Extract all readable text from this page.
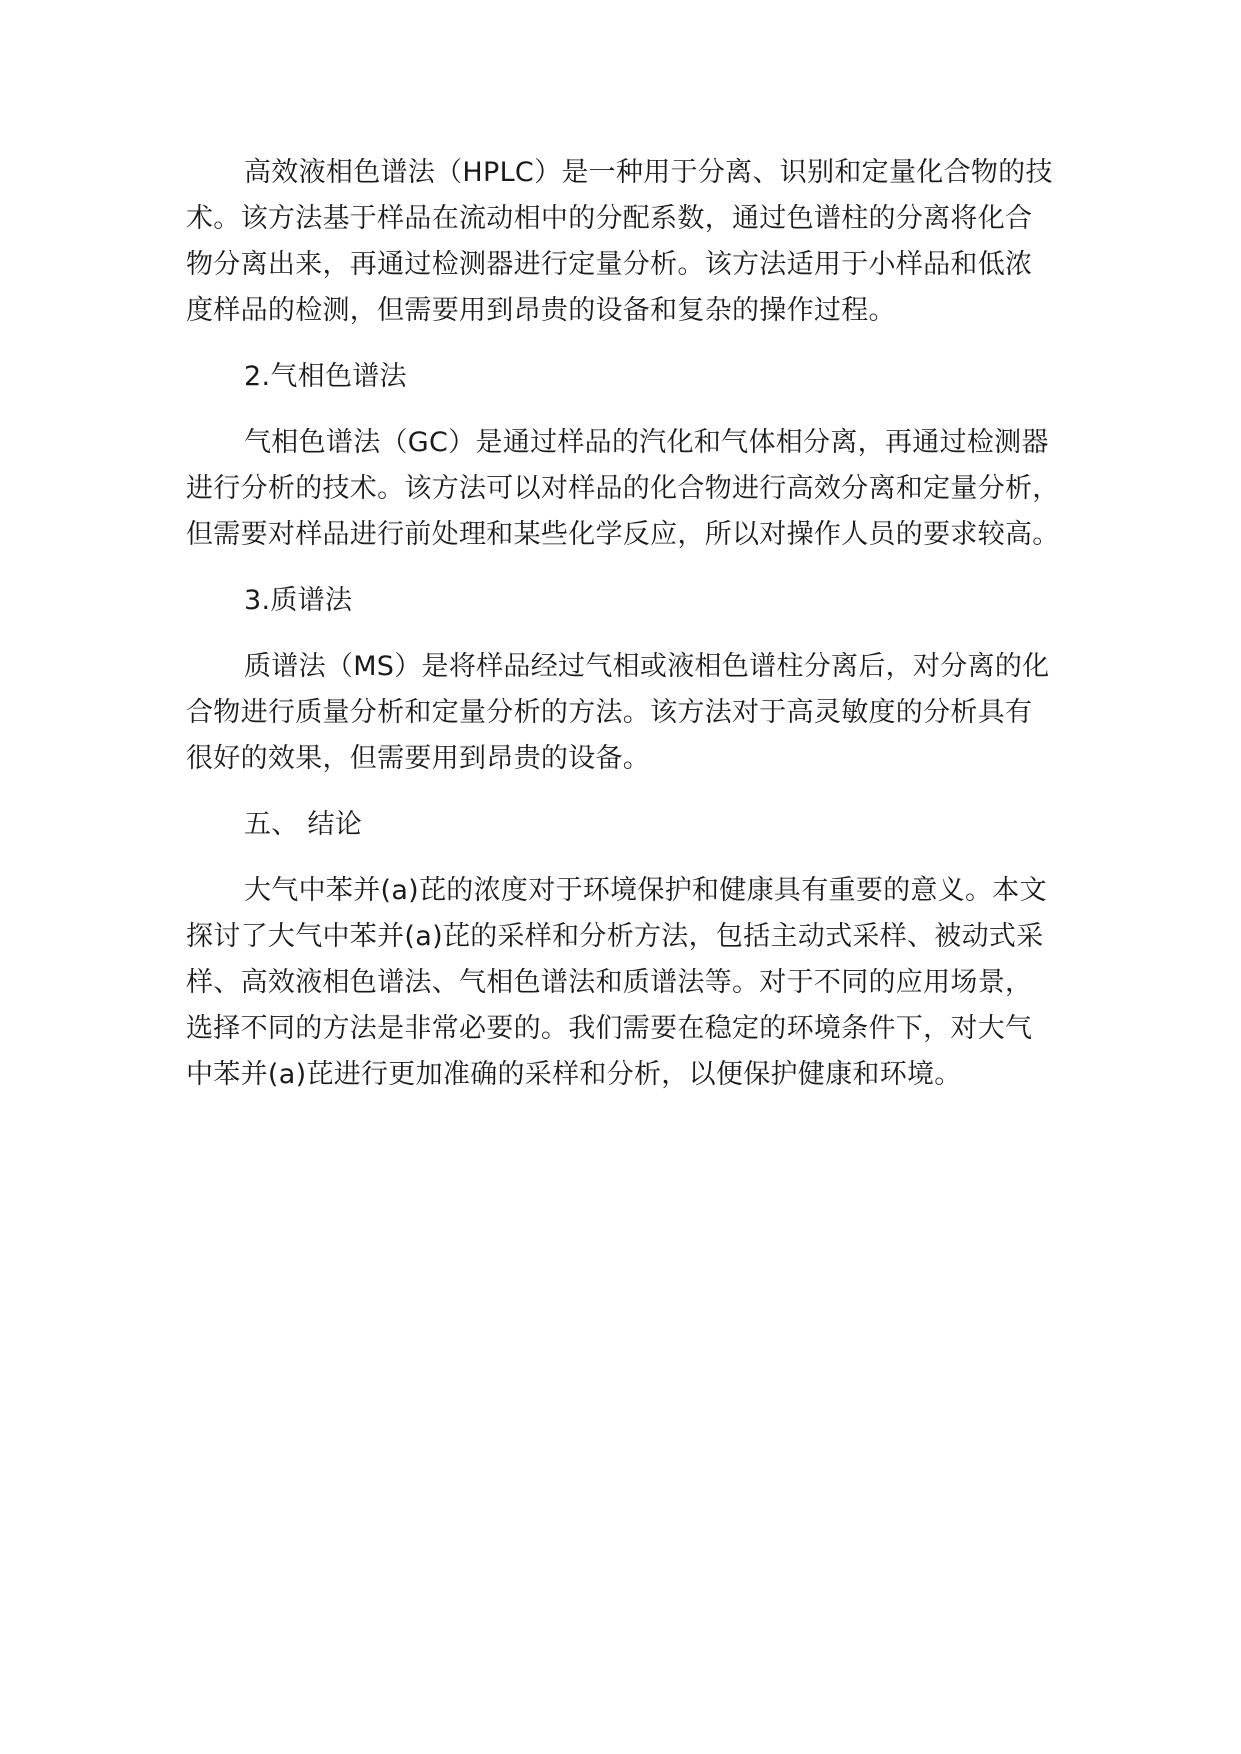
高效液相色谱法（HPLC）是一种用于分离、识别和定量化合物的技
术。该方法基于样品在流动相中的分配系数，通过色谱柱的分离将化合
物分离出来，再通过检测器进行定量分析。该方法适用于小样品和低浓
度样品的检测，但需要用到昂贵的设备和复杂的操作过程。

2.气相色谱法

气相色谱法（GC）是通过样品的汽化和气体相分离，再通过检测器
进行分析的技术。该方法可以对样品的化合物进行高效分离和定量分析，
但需要对样品进行前处理和某些化学反应，所以对操作人员的要求较高。

3.质谱法

质谱法（MS）是将样品经过气相或液相色谱柱分离后，对分离的化
合物进行质量分析和定量分析的方法。该方法对于高灵敏度的分析具有
很好的效果，但需要用到昂贵的设备。

五、 结论

大气中苯并(a)芘的浓度对于环境保护和健康具有重要的意义。本文
探讨了大气中苯并(a)芘的采样和分析方法，包括主动式采样、被动式采
样、高效液相色谱法、气相色谱法和质谱法等。对于不同的应用场景，
选择不同的方法是非常必要的。我们需要在稳定的环境条件下，对大气
中苯并(a)芘进行更加准确的采样和分析，以便保护健康和环境。
